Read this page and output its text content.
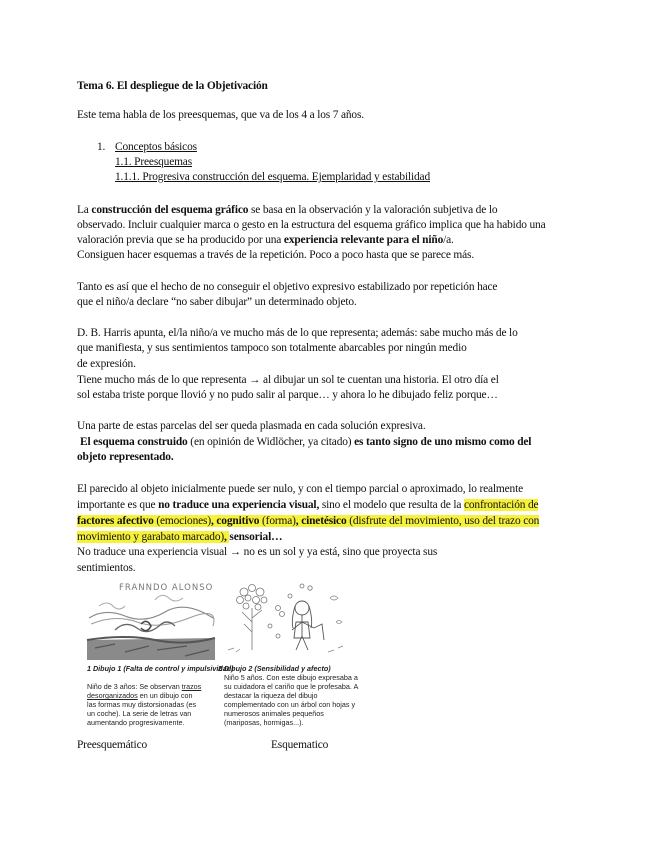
Tema 6. El despliegue de la Objetivación
Este tema habla de los preesquemas, que va de los 4 a los 7 años.
1. Conceptos básicos
1.1. Preesquemas
1.1.1. Progresiva construcción del esquema. Ejemplaridad y estabilidad
La construcción del esquema gráfico se basa en la observación y la valoración subjetiva de lo
observado. Incluir cualquier marca o gesto en la estructura del esquema gráfico implica que ha habido una
valoración previa que se ha producido por una experiencia relevante para el niño/a.
Consiguen hacer esquemas a través de la repetición. Poco a poco hasta que se parece más.
Tanto es así que el hecho de no conseguir el objetivo expresivo estabilizado por repetición hace
que el niño/a declare “no saber dibujar” un determinado objeto.
D. B. Harris apunta, el/la niño/a ve mucho más de lo que representa; además: sabe mucho más de lo
que manifiesta, y sus sentimientos tampoco son totalmente abarcables por ningún medio
de expresión.
Tiene mucho más de lo que representa → al dibujar un sol te cuentan una historia. El otro día el
sol estaba triste porque llovió y no pudo salir al parque… y ahora lo he dibujado feliz porque…
Una parte de estas parcelas del ser queda plasmada en cada solución expresiva.
El esquema construido (en opinión de Widlöcher, ya citado) es tanto signo de uno mismo como del
objeto representado.
El parecido al objeto inicialmente puede ser nulo, y con el tiempo parcial o aproximado, lo realmente
importante es que no traduce una experiencia visual, sino el modelo que resulta de la confrontación de
factores afectivo (emociones), cognitivo (forma), cinetésico (disfrute del movimiento, uso del trazo con
movimiento y garabato marcado), sensorial…
No traduce una experiencia visual → no es un sol y ya está, sino que proyecta sus
sentimientos.
FRANNDO ALONSO
1 Dibujo 1 (Falta de control y impulsividad)
Niño de 3 años: Se observan trazos
desorganizados en un dibujo con
las formas muy distorsionadas (es
un coche). La serie de letras van
aumentando progresivamente.
2 Dibujo 2 (Sensibilidad y afecto)
Niño 5 años. Con este dibujo expresaba a
su cuidadora el cariño que le profesaba. A
destacar la riqueza del dibujo
complementado con un árbol con hojas y
numerosos animales pequeños
(mariposas, hormigas...).
Preesquemático	Esquematico
